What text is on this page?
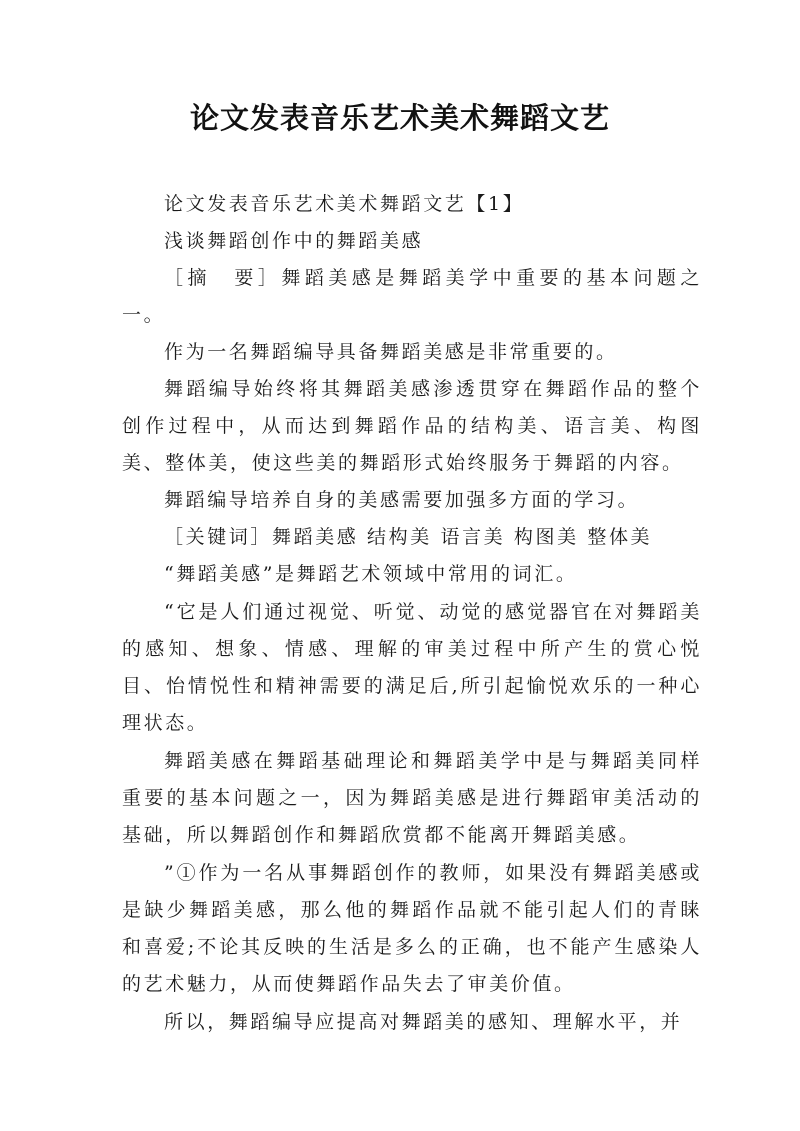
论文发表音乐艺术美术舞蹈文艺

论文发表音乐艺术美术舞蹈文艺【1】

浅谈舞蹈创作中的舞蹈美感

［摘　要］舞蹈美感是舞蹈美学中重要的基本问题之一。

作为一名舞蹈编导具备舞蹈美感是非常重要的。

舞蹈编导始终将其舞蹈美感渗透贯穿在舞蹈作品的整个创作过程中，从而达到舞蹈作品的结构美、语言美、构图美、整体美，使这些美的舞蹈形式始终服务于舞蹈的内容。

舞蹈编导培养自身的美感需要加强多方面的学习。

［关键词］舞蹈美感 结构美 语言美 构图美 整体美

“舞蹈美感”是舞蹈艺术领域中常用的词汇。

“它是人们通过视觉、听觉、动觉的感觉器官在对舞蹈美的感知、想象、情感、理解的审美过程中所产生的赏心悦目、怡情悦性和精神需要的满足后,所引起愉悦欢乐的一种心理状态。

舞蹈美感在舞蹈基础理论和舞蹈美学中是与舞蹈美同样重要的基本问题之一，因为舞蹈美感是进行舞蹈审美活动的基础，所以舞蹈创作和舞蹈欣赏都不能离开舞蹈美感。

”①作为一名从事舞蹈创作的教师，如果没有舞蹈美感或是缺少舞蹈美感，那么他的舞蹈作品就不能引起人们的青睐和喜爱;不论其反映的生活是多么的正确，也不能产生感染人的艺术魅力，从而使舞蹈作品失去了审美价值。

所以，舞蹈编导应提高对舞蹈美的感知、理解水平，并
